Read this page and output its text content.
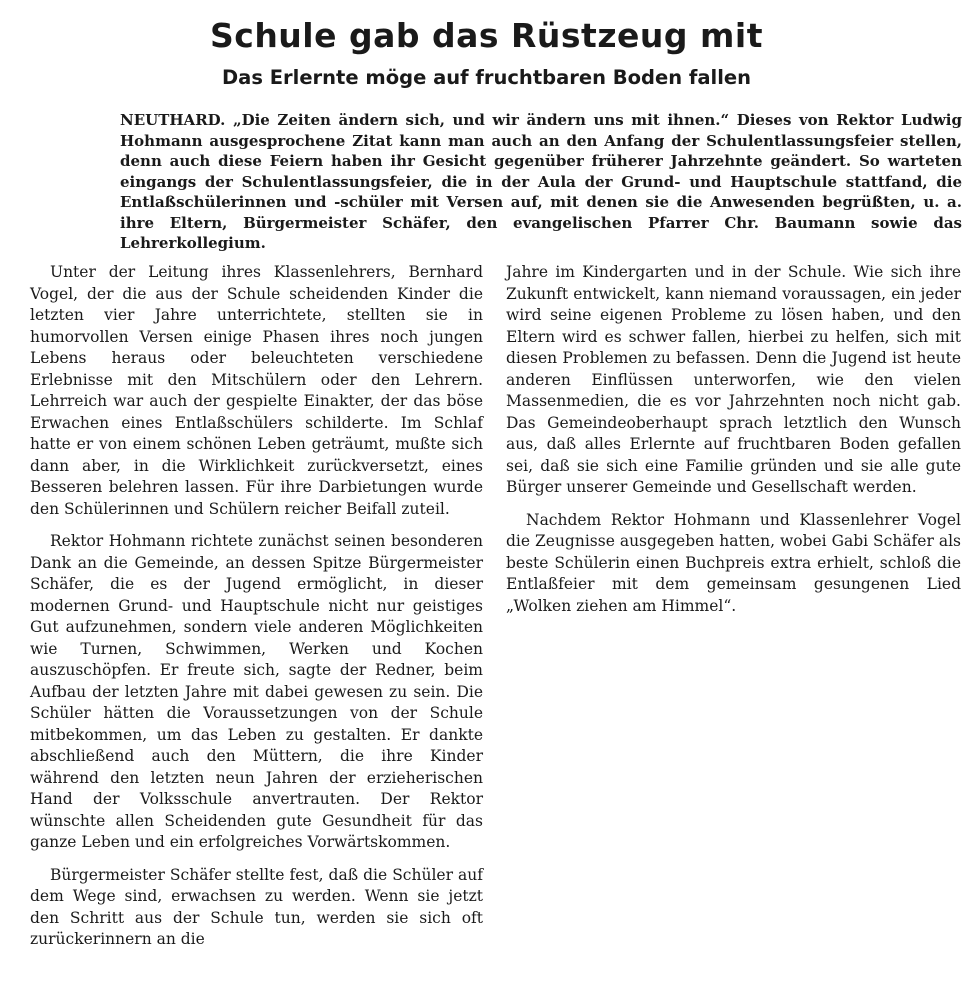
Schule gab das Rüstzeug mit
Das Erlernte möge auf fruchtbaren Boden fallen

NEUTHARD. „Die Zeiten ändern sich, und wir ändern uns mit ihnen.“ Dieses von Rektor Ludwig Hohmann ausgesprochene Zitat kann man auch an den Anfang der Schulentlassungsfeier stellen, denn auch diese Feiern haben ihr Gesicht gegenüber früherer Jahrzehnte geändert. So warteten eingangs der Schulentlassungsfeier, die in der Aula der Grund- und Hauptschule stattfand, die Entlaßschülerinnen und -schüler mit Versen auf, mit denen sie die Anwesenden begrüßten, u. a. ihre Eltern, Bürgermeister Schäfer, den evangelischen Pfarrer Chr. Baumann sowie das Lehrerkollegium.

Unter der Leitung ihres Klassenlehrers, Bernhard Vogel, der die aus der Schule scheidenden Kinder die letzten vier Jahre unterrichtete, stellten sie in humorvollen Versen einige Phasen ihres noch jungen Lebens heraus oder beleuchteten verschiedene Erlebnisse mit den Mitschülern oder den Lehrern. Lehrreich war auch der gespielte Einakter, der das böse Erwachen eines Entlaßschülers schilderte. Im Schlaf hatte er von einem schönen Leben geträumt, mußte sich dann aber, in die Wirklichkeit zurückversetzt, eines Besseren belehren lassen. Für ihre Darbietungen wurde den Schülerinnen und Schülern reicher Beifall zuteil.

Rektor Hohmann richtete zunächst seinen besonderen Dank an die Gemeinde, an dessen Spitze Bürgermeister Schäfer, die es der Jugend ermöglicht, in dieser modernen Grund- und Hauptschule nicht nur geistiges Gut aufzunehmen, sondern viele anderen Möglichkeiten wie Turnen, Schwimmen, Werken und Kochen auszuschöpfen. Er freute sich, sagte der Redner, beim Aufbau der letzten Jahre mit dabei gewesen zu sein. Die Schüler hätten die Voraussetzungen von der Schule mitbekommen, um das Leben zu gestalten. Er dankte abschließend auch den Müttern, die ihre Kinder während den letzten neun Jahren der erzieherischen Hand der Volksschule anvertrauten. Der Rektor wünschte allen Scheidenden gute Gesundheit für das ganze Leben und ein erfolgreiches Vorwärtskommen.

Bürgermeister Schäfer stellte fest, daß die Schüler auf dem Wege sind, erwachsen zu werden. Wenn sie jetzt den Schritt aus der Schule tun, werden sie sich oft zurückerinnern an die

Jahre im Kindergarten und in der Schule. Wie sich ihre Zukunft entwickelt, kann niemand voraussagen, ein jeder wird seine eigenen Probleme zu lösen haben, und den Eltern wird es schwer fallen, hierbei zu helfen, sich mit diesen Problemen zu befassen. Denn die Jugend ist heute anderen Einflüssen unterworfen, wie den vielen Massenmedien, die es vor Jahrzehnten noch nicht gab. Das Gemeindeoberhaupt sprach letztlich den Wunsch aus, daß alles Erlernte auf fruchtbaren Boden gefallen sei, daß sie sich eine Familie gründen und sie alle gute Bürger unserer Gemeinde und Gesellschaft werden.

Nachdem Rektor Hohmann und Klassenlehrer Vogel die Zeugnisse ausgegeben hatten, wobei Gabi Schäfer als beste Schülerin einen Buchpreis extra erhielt, schloß die Entlaßfeier mit dem gemeinsam gesungenen Lied „Wolken ziehen am Himmel“.
